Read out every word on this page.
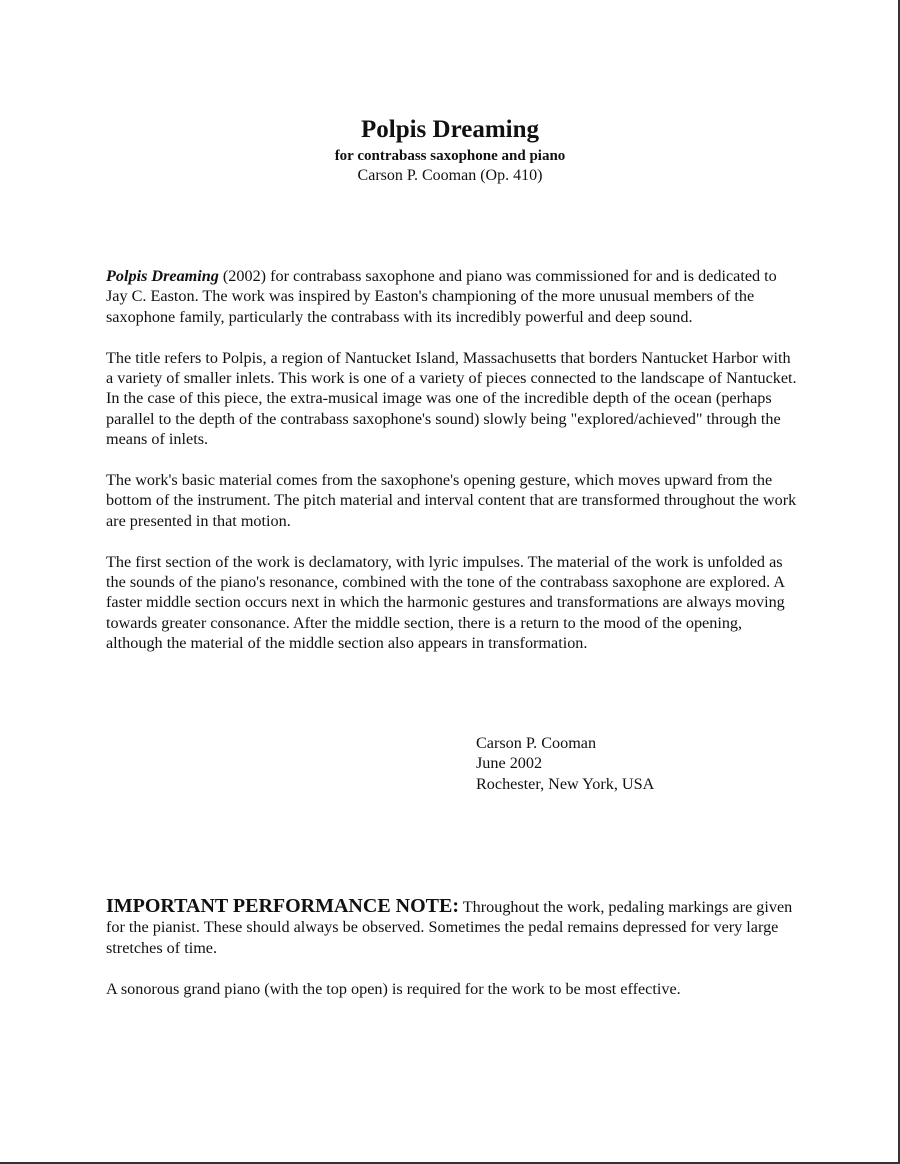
Polpis Dreaming
for contrabass saxophone and piano
Carson P. Cooman (Op. 410)

Polpis Dreaming (2002) for contrabass saxophone and piano was commissioned for and is dedicated to Jay C. Easton. The work was inspired by Easton's championing of the more unusual members of the saxophone family, particularly the contrabass with its incredibly powerful and deep sound.

The title refers to Polpis, a region of Nantucket Island, Massachusetts that borders Nantucket Harbor with a variety of smaller inlets. This work is one of a variety of pieces connected to the landscape of Nantucket. In the case of this piece, the extra-musical image was one of the incredible depth of the ocean (perhaps parallel to the depth of the contrabass saxophone's sound) slowly being "explored/achieved" through the means of inlets.

The work's basic material comes from the saxophone's opening gesture, which moves upward from the bottom of the instrument. The pitch material and interval content that are transformed throughout the work are presented in that motion.

The first section of the work is declamatory, with lyric impulses. The material of the work is unfolded as the sounds of the piano's resonance, combined with the tone of the contrabass saxophone are explored. A faster middle section occurs next in which the harmonic gestures and transformations are always moving towards greater consonance. After the middle section, there is a return to the mood of the opening, although the material of the middle section also appears in transformation.

Carson P. Cooman
June 2002
Rochester, New York, USA

IMPORTANT PERFORMANCE NOTE: Throughout the work, pedaling markings are given for the pianist. These should always be observed. Sometimes the pedal remains depressed for very large stretches of time.

A sonorous grand piano (with the top open) is required for the work to be most effective.
